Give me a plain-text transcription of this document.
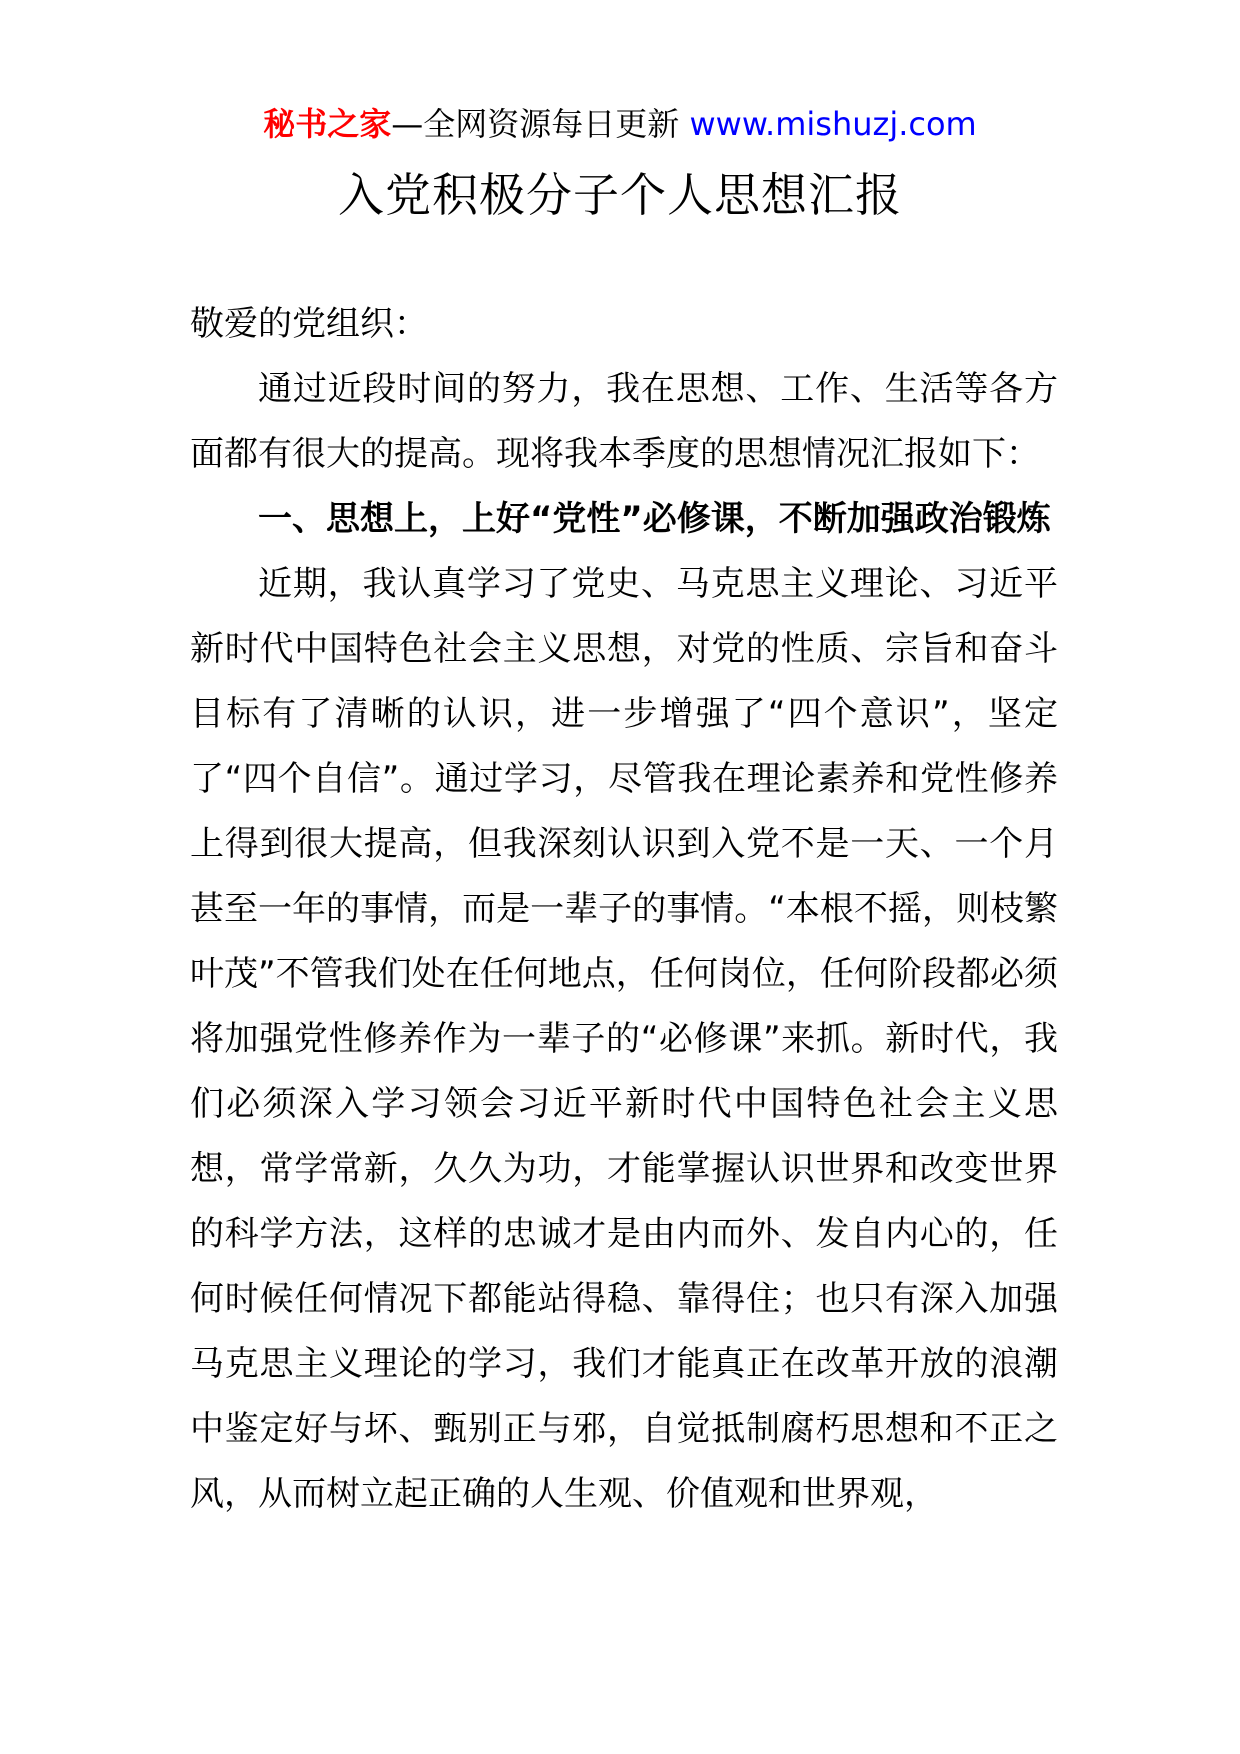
秘书之家—全网资源每日更新 www.mishuzj.com
入党积极分子个人思想汇报

敬爱的党组织：

通过近段时间的努力，我在思想、工作、生活等各方面都有很大的提高。现将我本季度的思想情况汇报如下：

一、思想上，上好“党性”必修课，不断加强政治锻炼

近期，我认真学习了党史、马克思主义理论、习近平新时代中国特色社会主义思想，对党的性质、宗旨和奋斗目标有了清晰的认识，进一步增强了“四个意识”，坚定了“四个自信”。通过学习，尽管我在理论素养和党性修养上得到很大提高，但我深刻认识到入党不是一天、一个月甚至一年的事情，而是一辈子的事情。“本根不摇，则枝繁叶茂”不管我们处在任何地点，任何岗位，任何阶段都必须将加强党性修养作为一辈子的“必修课”来抓。新时代，我们必须深入学习领会习近平新时代中国特色社会主义思想，常学常新，久久为功，才能掌握认识世界和改变世界的科学方法，这样的忠诚才是由内而外、发自内心的，任何时候任何情况下都能站得稳、靠得住；也只有深入加强马克思主义理论的学习，我们才能真正在改革开放的浪潮中鉴定好与坏、甄别正与邪，自觉抵制腐朽思想和不正之风，从而树立起正确的人生观、价值观和世界观，
